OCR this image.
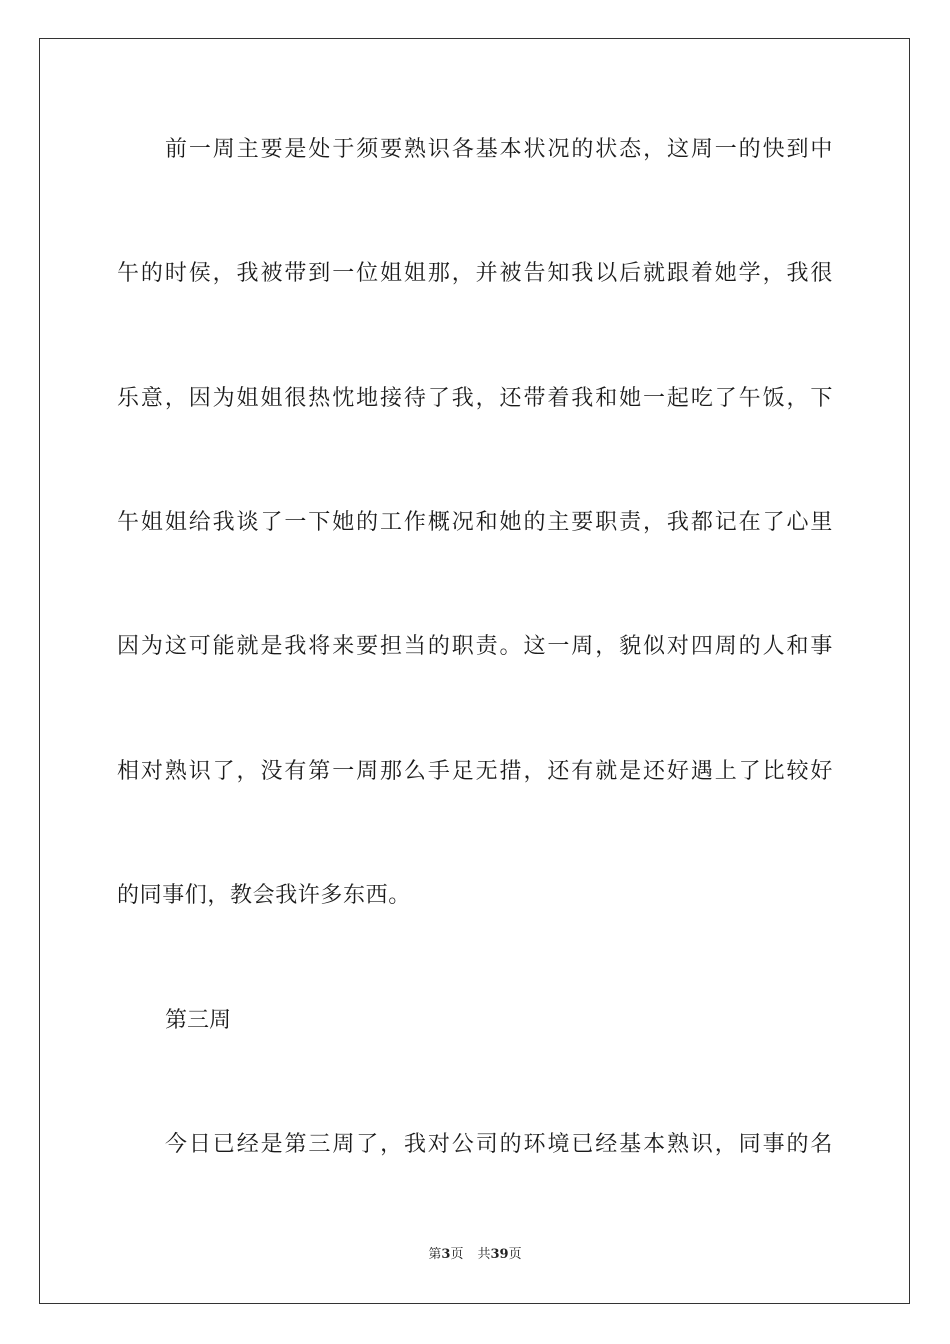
前一周主要是处于须要熟识各基本状况的状态，这周一的快到中
午的时侯，我被带到一位姐姐那，并被告知我以后就跟着她学，我很
乐意，因为姐姐很热忱地接待了我，还带着我和她一起吃了午饭，下
午姐姐给我谈了一下她的工作概况和她的主要职责，我都记在了心里
因为这可能就是我将来要担当的职责。这一周，貌似对四周的人和事
相对熟识了，没有第一周那么手足无措，还有就是还好遇上了比较好
的同事们，教会我许多东西。
第三周
今日已经是第三周了，我对公司的环境已经基本熟识，同事的名
第3页 共39页
